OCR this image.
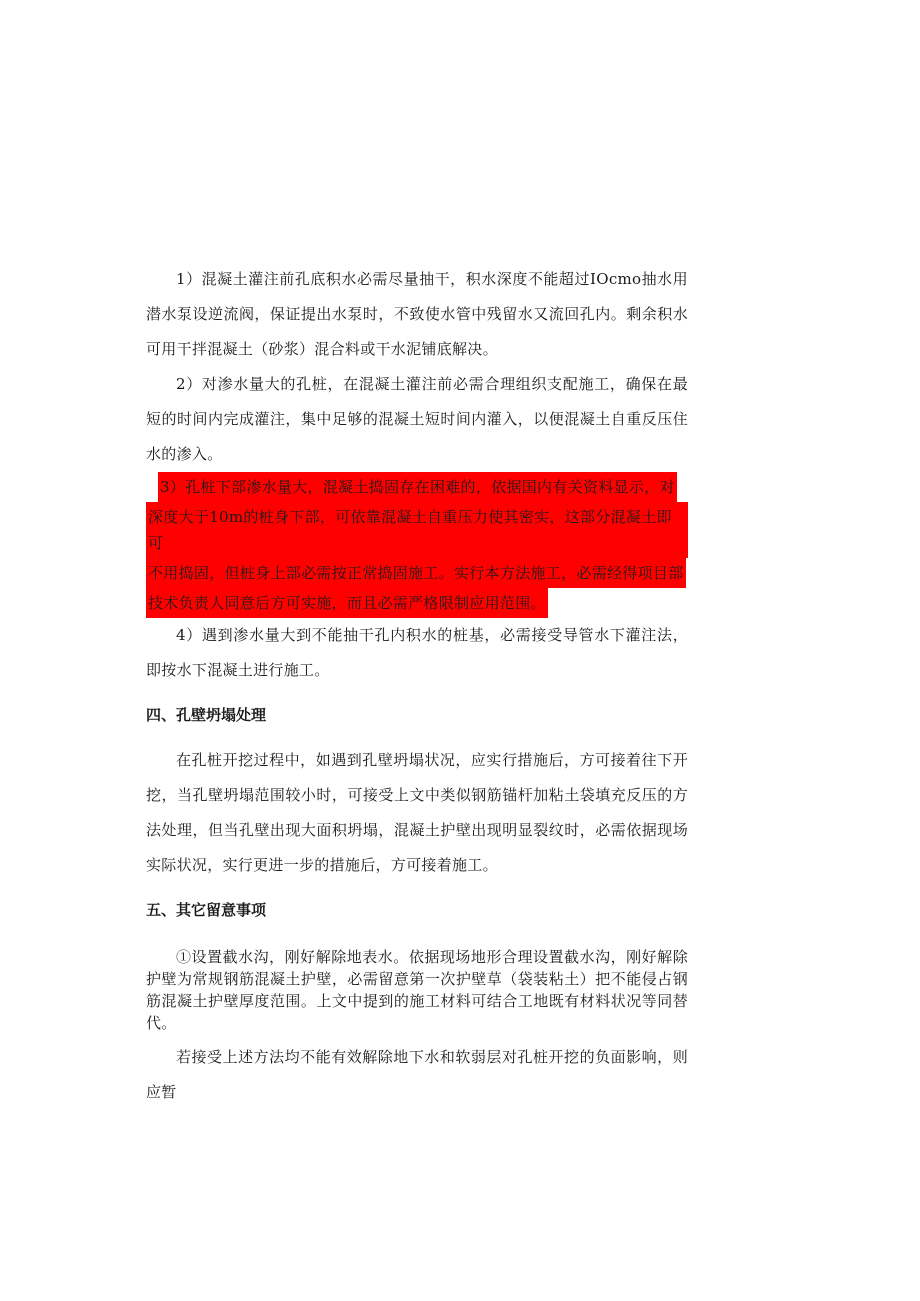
1）混凝土灌注前孔底积水必需尽量抽干，积水深度不能超过IOcmo抽水用潜水泵设逆流阀，保证提出水泵时，不致使水管中残留水又流回孔内。剩余积水可用干拌混凝土（砂浆）混合料或干水泥铺底解决。

2）对渗水量大的孔桩，在混凝土灌注前必需合理组织支配施工，确保在最短的时间内完成灌注，集中足够的混凝土短时间内灌入，以便混凝土自重反压住水的渗入。

3）孔桩下部渗水量大，混凝土捣固存在困难的，依据国内有关资料显示，对
深度大于10m的桩身下部，可依靠混凝土自重压力使其密实，这部分混凝土即可
不用捣固，但桩身上部必需按正常捣固施工。实行本方法施工，必需经得项目部
技术负责人同意后方可实施，而且必需严格限制应用范围。

4）遇到渗水量大到不能抽干孔内积水的桩基，必需接受导管水下灌注法，即按水下混凝土进行施工。

四、孔壁坍塌处理

在孔桩开挖过程中，如遇到孔壁坍塌状况，应实行措施后，方可接着往下开挖，当孔壁坍塌范围较小时，可接受上文中类似钢筋锚杆加粘土袋填充反压的方法处理，但当孔壁出现大面积坍塌，混凝土护壁出现明显裂纹时，必需依据现场实际状况，实行更进一步的措施后，方可接着施工。

五、其它留意事项

①设置截水沟，刚好解除地表水。依据现场地形合理设置截水沟，刚好解除护壁为常规钢筋混凝土护壁，必需留意第一次护壁草（袋装粘土）把不能侵占钢筋混凝土护壁厚度范围。上文中提到的施工材料可结合工地既有材料状况等同替代。

若接受上述方法均不能有效解除地下水和软弱层对孔桩开挖的负面影响，则应暂
